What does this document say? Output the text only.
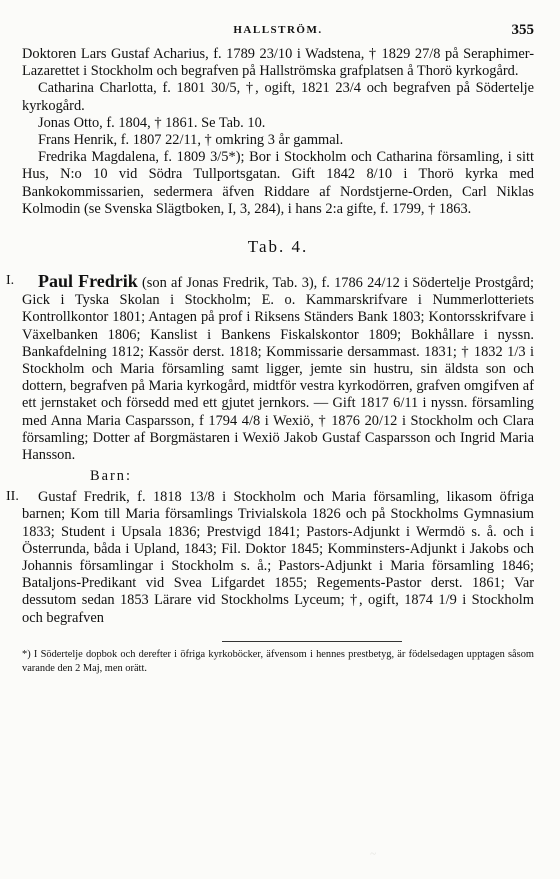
HALLSTRÖM.	355

Doktoren Lars Gustaf Acharius, f. 1789 23/10 i Wadstena, † 1829 27/8 på Seraphimer-Lazarettet i Stockholm och begrafven på Hallströmska grafplatsen å Thorö kyrkogård.

Catharina Charlotta, f. 1801 30/5, †, ogift, 1821 23/4 och begrafven på Södertelje kyrkogård.

Jonas Otto, f. 1804, † 1861. Se Tab. 10.

Frans Henrik, f. 1807 22/11, † omkring 3 år gammal.

Fredrika Magdalena, f. 1809 3/5*); Bor i Stockholm och Catharina församling, i sitt Hus, N:o 10 vid Södra Tullportsgatan. Gift 1842 8/10 i Thorö kyrka med Bankokommissarien, sedermera äfven Riddare af Nordstjerne-Orden, Carl Niklas Kolmodin (se Svenska Slägtboken, I, 3, 284), i hans 2:a gifte, f. 1799, † 1863.

Tab. 4.
I.	Paul Fredrik (son af Jonas Fredrik, Tab. 3), f. 1786 24/12 i Södertelje Prostgård; Gick i Tyska Skolan i Stockholm; E. o. Kammarskrifvare i Nummerlotteriets Kontrollkontor 1801; Antagen på prof i Riksens Ständers Bank 1803; Kontorsskrifvare i Växelbanken 1806; Kanslist i Bankens Fiskalskontor 1809; Bokhållare i nyssn. Bankafdelning 1812; Kassör derst. 1818; Kommissarie dersammast. 1831; † 1832 1/3 i Stockholm och Maria församling samt ligger, jemte sin hustru, sin äldsta son och dottern, begrafven på Maria kyrkogård, midtför vestra kyrkodörren, grafven omgifven af ett jernstaket och försedd med ett gjutet jernkors. — Gift 1817 6/11 i nyssn. församling med Anna Maria Casparsson, f 1794 4/8 i Wexiö, † 1876 20/12 i Stockholm och Clara församling; Dotter af Borgmästaren i Wexiö Jakob Gustaf Casparsson och Ingrid Maria Hansson.

Barn:
II.	Gustaf Fredrik, f. 1818 13/8 i Stockholm och Maria församling, likasom öfriga barnen; Kom till Maria församlings Trivialskola 1826 och på Stockholms Gymnasium 1833; Student i Upsala 1836; Prestvigd 1841; Pastors-Adjunkt i Wermdö s. å. och i Österrunda, båda i Upland, 1843; Fil. Doktor 1845; Komminsters-Adjunkt i Jakobs och Johannis församlingar i Stockholm s. å.; Pastors-Adjunkt i Maria församling 1846; Bataljons-Predikant vid Svea Lifgardet 1855; Regements-Pastor derst. 1861; Var dessutom sedan 1853 Lärare vid Stockholms Lyceum; †, ogift, 1874 1/9 i Stockholm och begrafven

*) I Södertelje dopbok och derefter i öfriga kyrkoböcker, äfvensom i hennes prestbetyg, är födelsedagen upptagen såsom varande den 2 Maj, men orätt.

~
